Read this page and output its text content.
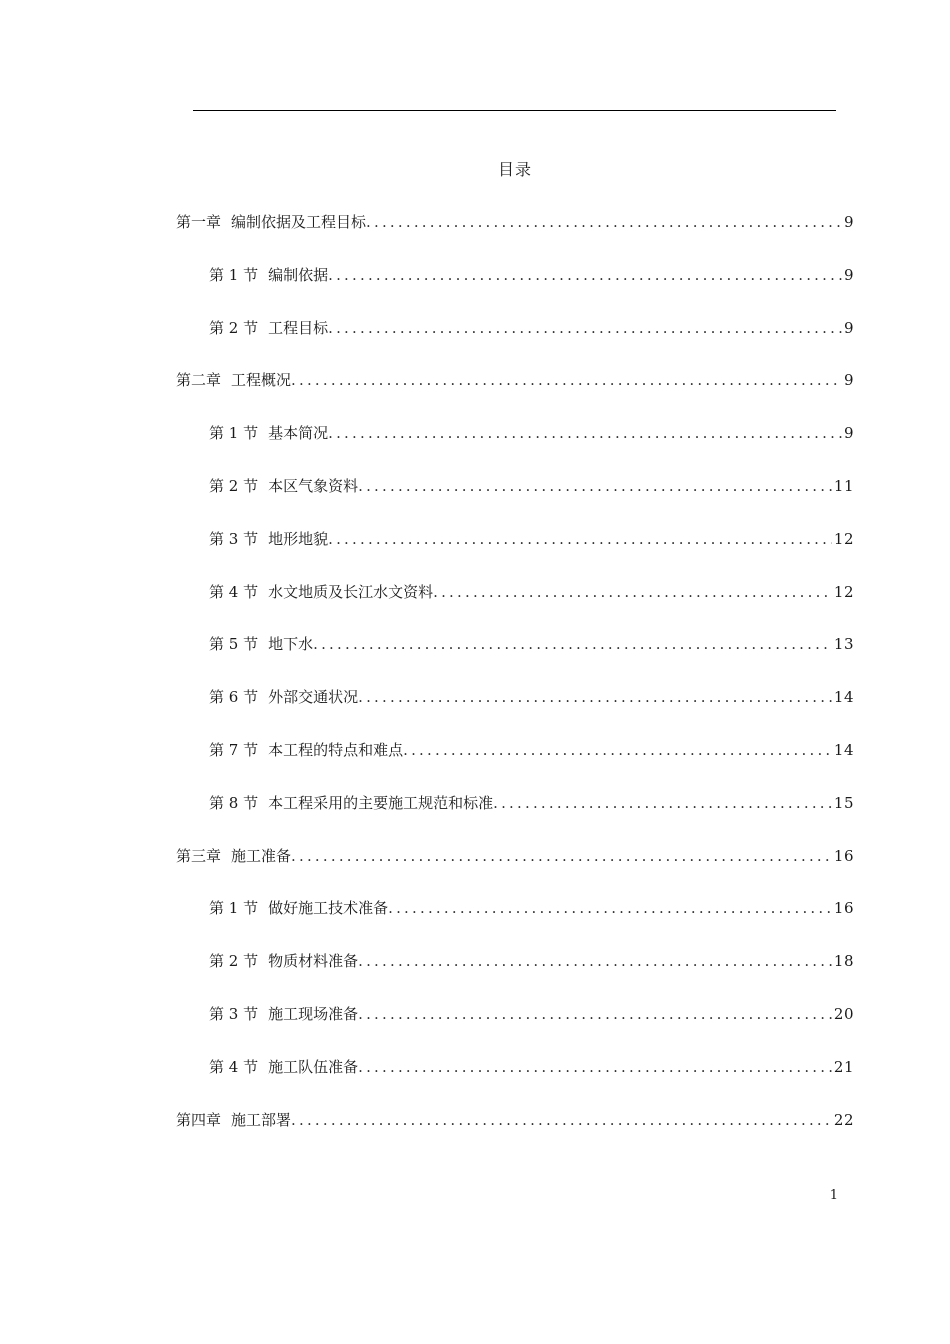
目录
第一章 编制依据及工程目标 .....	9
第 1 节 编制依据 .....	9
第 2 节 工程目标 .....	9
第二章 工程概况 .....	9
第 1 节 基本简况 .....	9
第 2 节 本区气象资料 .....	11
第 3 节 地形地貌 .....	12
第 4 节 水文地质及长江水文资料 .....	12
第 5 节 地下水 .....	13
第 6 节 外部交通状况 .....	14
第 7 节 本工程的特点和难点 .....	14
第 8 节 本工程采用的主要施工规范和标准 .....	15
第三章 施工准备 .....	16
第 1 节 做好施工技术准备 .....	16
第 2 节 物质材料准备 .....	18
第 3 节 施工现场准备 .....	20
第 4 节 施工队伍准备 .....	21
第四章 施工部署 .....	22
1
